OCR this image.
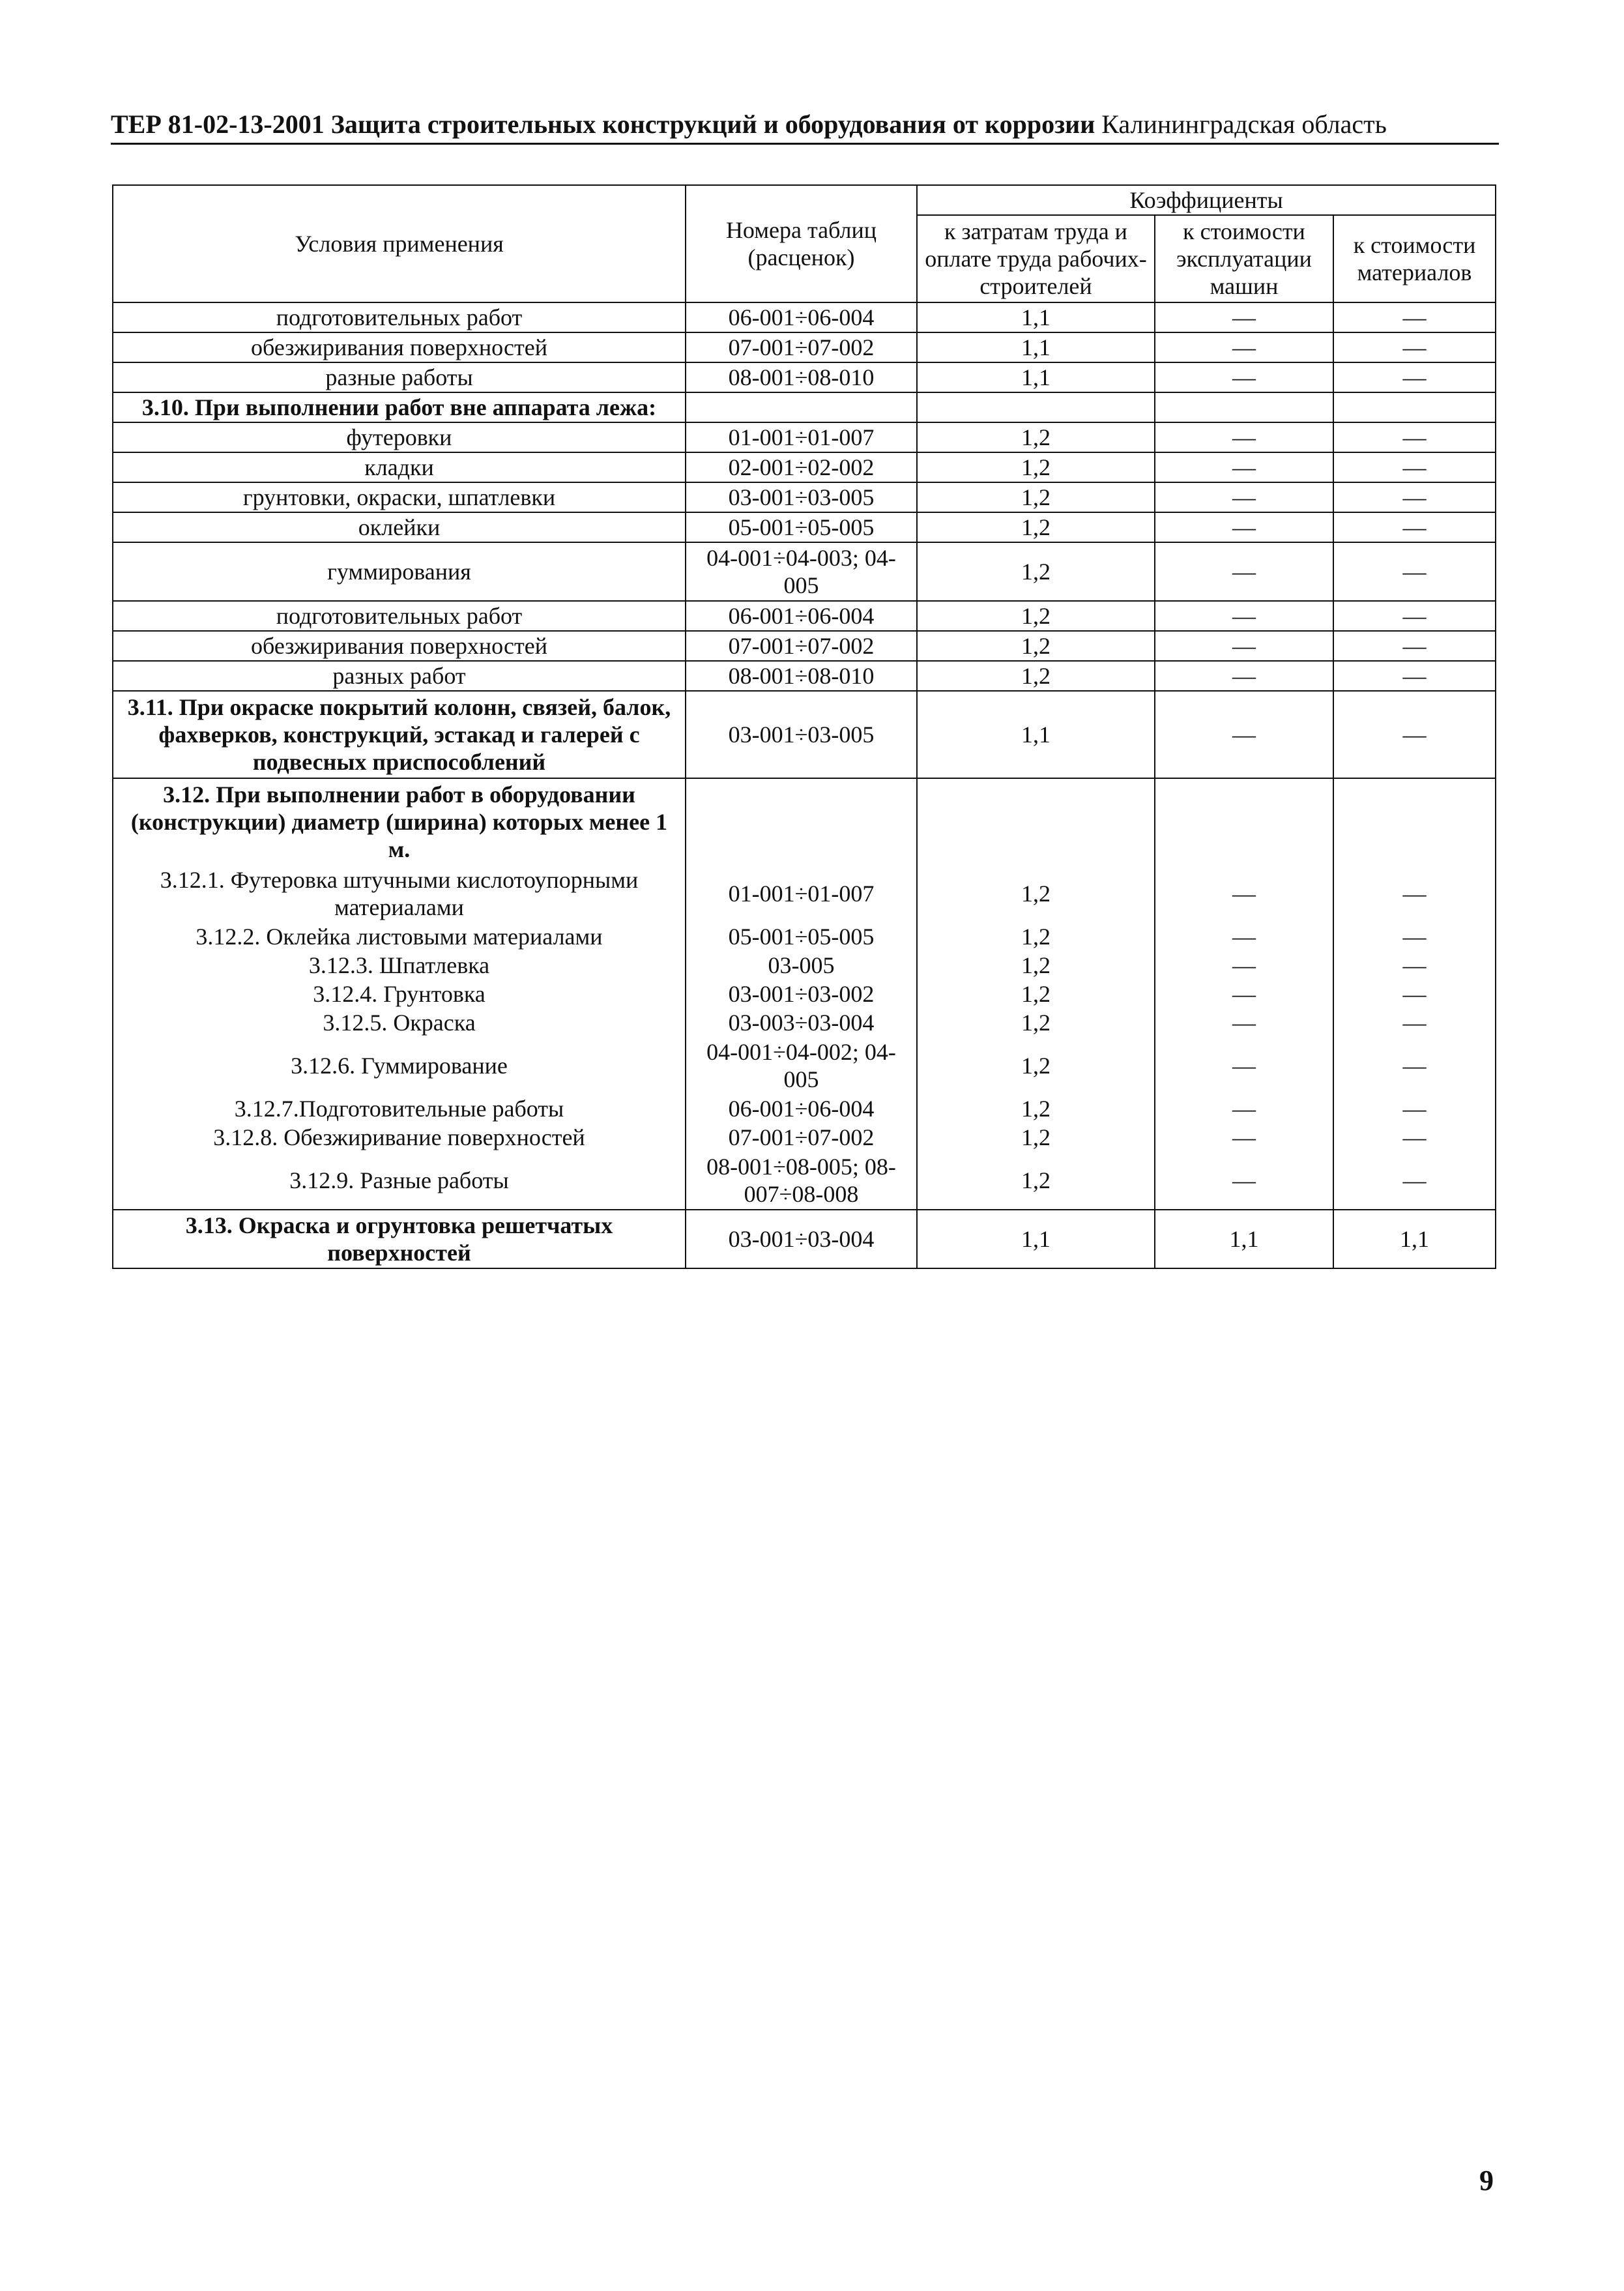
ТЕР 81-02-13-2001 Защита строительных конструкций и оборудования от коррозии Калининградская область
Условия применения	Номера таблиц (расценок)	Коэффициенты		
		к затратам труда и оплате труда рабочих-строителей	к стоимости эксплуатации машин	к стоимости материалов
подготовительных работ	06-001÷06-004	1,1	—	—
обезжиривания поверхностей	07-001÷07-002	1,1	—	—
разные работы	08-001÷08-010	1,1	—	—
3.10. При выполнении работ вне аппарата лежа:				
футеровки	01-001÷01-007	1,2	—	—
кладки	02-001÷02-002	1,2	—	—
грунтовки, окраски, шпатлевки	03-001÷03-005	1,2	—	—
оклейки	05-001÷05-005	1,2	—	—
гуммирования	04-001÷04-003; 04-005	1,2	—	—
подготовительных работ	06-001÷06-004	1,2	—	—
обезжиривания поверхностей	07-001÷07-002	1,2	—	—
разных работ	08-001÷08-010	1,2	—	—
3.11. При окраске покрытий колонн, связей, балок, фахверков, конструкций, эстакад и галерей с подвесных приспособлений	03-001÷03-005	1,1	—	—
3.12. При выполнении работ в оборудовании (конструкции) диаметр (ширина) которых менее 1 м.				
3.12.1. Футеровка штучными кислотоупорными материалами	01-001÷01-007	1,2	—	—
3.12.2. Оклейка листовыми материалами	05-001÷05-005	1,2	—	—
3.12.3. Шпатлевка	03-005	1,2	—	—
3.12.4. Грунтовка	03-001÷03-002	1,2	—	—
3.12.5. Окраска	03-003÷03-004	1,2	—	—
3.12.6. Гуммирование	04-001÷04-002; 04-005	1,2	—	—
3.12.7.Подготовительные работы	06-001÷06-004	1,2	—	—
3.12.8. Обезжиривание поверхностей	07-001÷07-002	1,2	—	—
3.12.9. Разные работы	08-001÷08-005; 08-007÷08-008	1,2	—	—
3.13. Окраска и огрунтовка решетчатых поверхностей	03-001÷03-004	1,1	1,1	1,1
9
